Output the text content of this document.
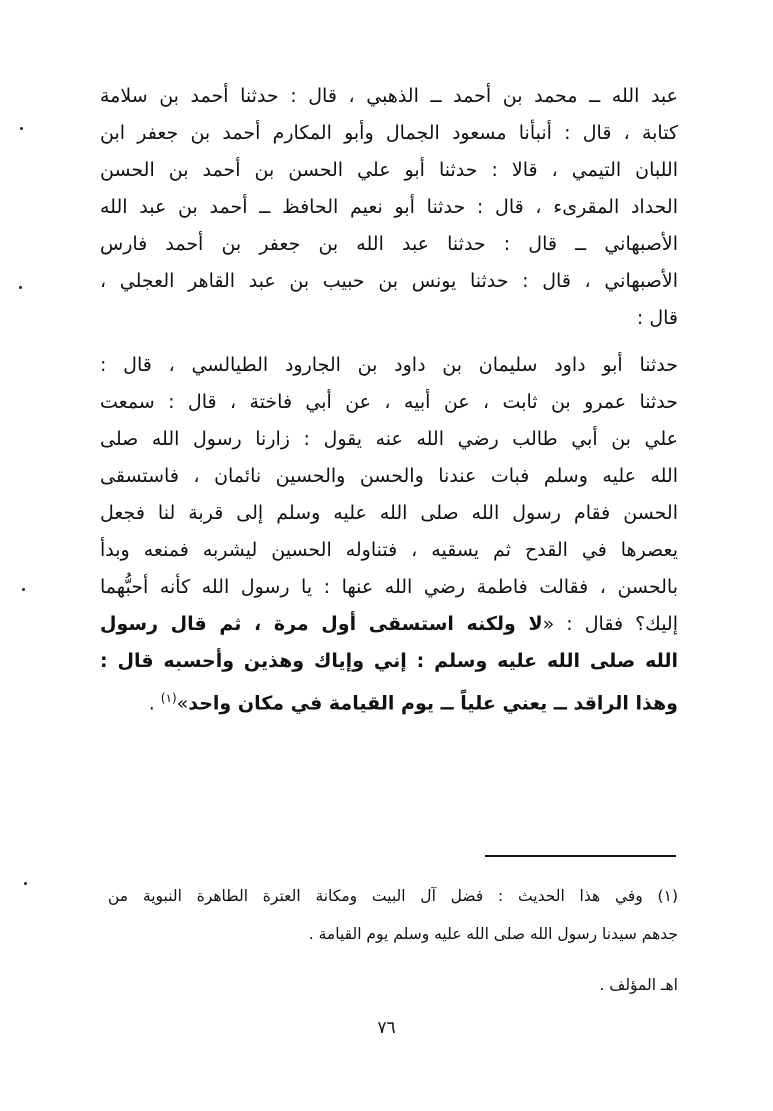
عبد الله ــ محمد بن أحمد ــ الذهبي ، قال : حدثنا أحمد بن سلامة
كتابة ، قال : أنبأنا مسعود الجمال وأبو المكارم أحمد بن جعفر ابن
اللبان التيمي ، قالا : حدثنا أبو علي الحسن بن أحمد بن الحسن
الحداد المقرىء ، قال : حدثنا أبو نعيم الحافظ ــ أحمد بن عبد الله
الأصبهاني ــ قال : حدثنا عبد الله بن جعفر بن أحمد فارس
الأصبهاني ، قال : حدثنا يونس بن حبيب بن عبد القاهر العجلي ،
قال :
حدثنا أبو داود سليمان بن داود بن الجارود الطيالسي ، قال :
حدثنا عمرو بن ثابت ، عن أبيه ، عن أبي فاختة ، قال : سمعت
علي بن أبي طالب رضي الله عنه يقول : زارنا رسول الله صلى
الله عليه وسلم فبات عندنا والحسن والحسين نائمان ، فاستسقى
الحسن فقام رسول الله صلى الله عليه وسلم إلى قربة لنا فجعل
يعصرها في القدح ثم يسقيه ، فتناوله الحسين ليشربه فمنعه وبدأ
بالحسن ، فقالت فاطمة رضي الله عنها : يا رسول الله كأنه أحبُّهما
إليك؟ فقال : «لا ولكنه استسقى أول مرة ، ثم قال رسول
الله صلى الله عليه وسلم : إني وإياك وهذين وأحسبه قال :
وهذا الراقد ــ يعني علياً ــ يوم القيامة في مكان واحد»$^{(١)}$ .
(١) وفي هذا الحديث : فضل آل البيت ومكانة العترة الطاهرة النبوية من
جدهم سيدنا رسول الله صلى الله عليه وسلم يوم القيامة .
اهـ المؤلف .
٧٦
